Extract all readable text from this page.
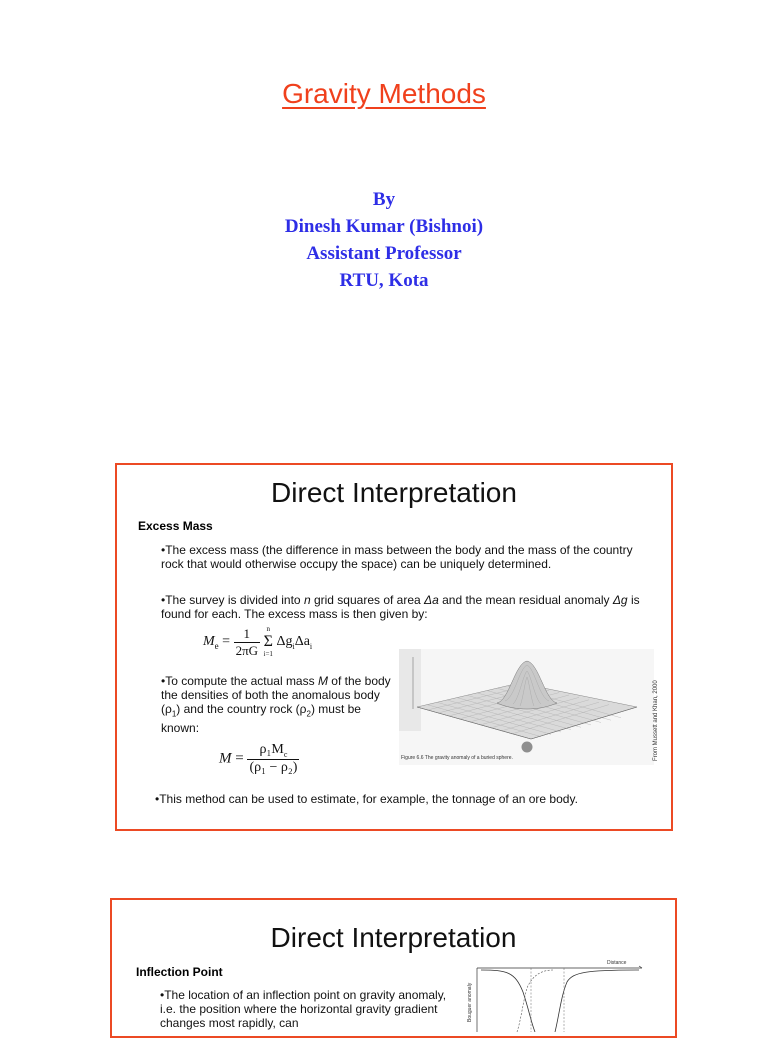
Gravity Methods
By
Dinesh Kumar (Bishnoi)
Assistant Professor
RTU, Kota
Direct Interpretation
Excess Mass
•The excess mass (the difference in mass between the body and the mass of the country rock that would otherwise occupy the space) can be uniquely determined.
•The survey is divided into n grid squares of area Δa and the mean residual anomaly Δg is found for each. The excess mass is then given by:
$M_e = \frac{1}{2\pi G}$
n
Σ
i=1
$\Delta g_i\Delta a_i$
•To compute the actual mass M of the body the densities of both the anomalous body $(\rho_1)$ and the country rock $(\rho_2)$ must be known:
$M = \frac{\rho_1M_c}{\text{(ρ₁ − ρ₂)}}$	Figure 6.6 The gravity anomaly of a buried sphere.	From Mussett and Khan, 2000
•This method can be used to estimate, for example, the tonnage of an ore body.
Direct Interpretation
Inflection Point
•The location of an inflection point on gravity anomaly, i.e. the position where the horizontal gravity gradient changes most rapidly, can
Distance
Bouguer anomaly
